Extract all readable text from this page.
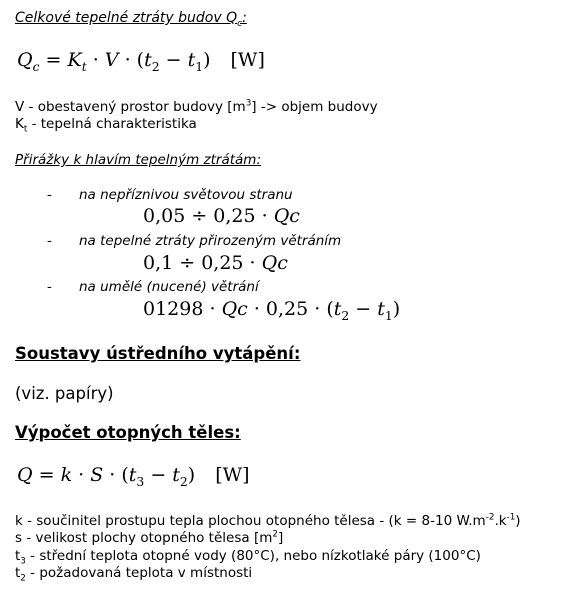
Celkové tepelné ztráty budov $Q_c$:
$Q_c = K_t \cdot V \cdot (t_2 - t_1)$ [W]
V - obestavený prostor budovy $[m^3]$ -> objem budovy
$K_t$ - tepelná charakteristika
Přirážky k hlavím tepelným ztrátám:
- na nepříznivou světovou stranu
0,05 ÷ 0,25 · Qc
- na tepelné ztráty přirozeným větráním
0,1 ÷ 0,25 · Qc
- na umělé (nucené) větrání
$01298 \cdot Qc \cdot 0,25 \cdot (t_2 - t_1)$
Soustavy ústředního vytápění:
(viz. papíry)
Výpočet otopných těles:
$Q = k \cdot S \cdot (t_3 - t_2)$ [W]
k - součinitel prostupu tepla plochou otopného tělesa - (k = 8-10 $W.m^{-2}.k^{-1}$)
s - velikost plochy otopného tělesa $[m^2]$
$t_3$ - střední teplota otopné vody (80°C), nebo nízkotlaké páry (100°C)
$t_2$ - požadovaná teplota v místnosti
